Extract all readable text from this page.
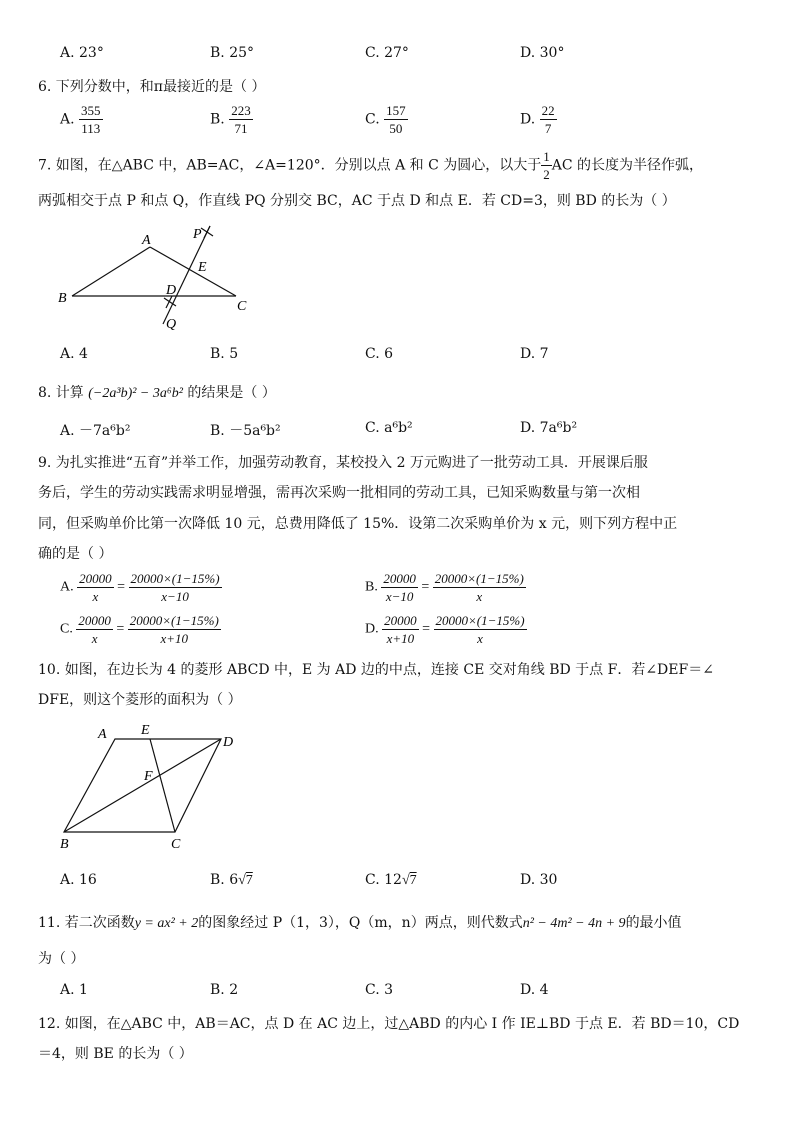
A. 23°	B. 25°	C. 27°	D. 30°
6. 下列分数中，和π最接近的是（ ）
A. $\frac{355}{113}$	B. $\frac{223}{71}$	C. $\frac{157}{50}$	D. $\frac{22}{7}$
7. 如图，在△ABC 中，AB=AC，∠A=120°．分别以点 A 和 C 为圆心，以大于 $\frac{1}{2}$ AC 的长度为半径作弧，
两弧相交于点 P 和点 Q，作直线 PQ 分别交 BC，AC 于点 D 和点 E．若 CD=3，则 BD 的长为（ ）
A
B
C
P
E
D
Q
A. 4	B. 5	C. 6	D. 7
8. 计算 (−2a³b)² − 3a⁶b² 的结果是（ ）
A. －7a⁶b²	B. －5a⁶b²	C. a⁶b²	D. 7a⁶b²
9. 为扎实推进“五育”并举工作，加强劳动教育，某校投入 2 万元购进了一批劳动工具．开展课后服
务后，学生的劳动实践需求明显增强，需再次采购一批相同的劳动工具，已知采购数量与第一次相
同，但采购单价比第一次降低 10 元，总费用降低了 15%．设第二次采购单价为 x 元，则下列方程中正
确的是（ ）
A. $\frac{20000}{x} = \frac{20000\times(1-15\%)}{x-10}$	B. $\frac{20000}{x-10} = \frac{20000\times(1-15\%)}{x}$
C. $\frac{20000}{x} = \frac{20000\times(1-15\%)}{x+10}$	D. $\frac{20000}{x+10} = \frac{20000\times(1-15\%)}{x}$
10. 如图，在边长为 4 的菱形 ABCD 中，E 为 AD 边的中点，连接 CE 交对角线 BD 于点 F．若∠DEF＝∠
DFE，则这个菱形的面积为（ ）
A E
D
F
B	C
A. 16	B. 6√7	C. 12√7	D. 30
11. 若二次函数y = ax² + 2的图象经过 P（1，3），Q（m，n）两点，则代数式n² − 4m² − 4n + 9的最小值
为（ ）
A. 1	B. 2	C. 3	D. 4
12. 如图，在△ABC 中，AB＝AC，点 D 在 AC 边上，过△ABD 的内心 I 作 IE⊥BD 于点 E．若 BD＝10，CD
＝4，则 BE 的长为（ ）
